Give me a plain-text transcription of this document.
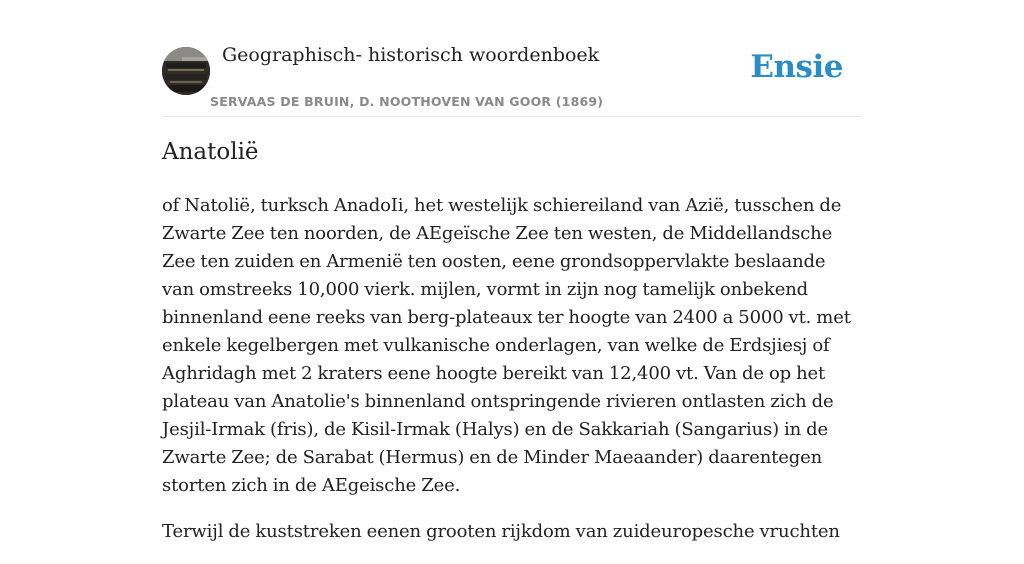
Geographisch- historisch woordenboek
SERVAAS DE BRUIN, D. NOOTHOVEN VAN GOOR (1869)
Ensie
Anatolië

of Natolië, turksch AnadoIi, het westelijk schiereiland van Azië, tusschen de Zwarte Zee ten noorden, de AEgeïsche Zee ten westen, de Middellandsche Zee ten zuiden en Armenië ten oosten, eene grondsoppervlakte beslaande van omstreeks 10,000 vierk. mijlen, vormt in zijn nog tamelijk onbekend binnenland eene reeks van berg-plateaux ter hoogte van 2400 a 5000 vt. met enkele kegelbergen met vulkanische onderlagen, van welke de Erdsjiesj of Aghridagh met 2 kraters eene hoogte bereikt van 12,400 vt. Van de op het plateau van Anatolie's binnenland ontspringende rivieren ontlasten zich de Jesjil-Irmak (fris), de Kisil-Irmak (Halys) en de Sakkariah (Sangarius) in de Zwarte Zee; de Sarabat (Hermus) en de Minder Maeaander) daarentegen storten zich in de AEgeische Zee.

Terwijl de kuststreken eenen grooten rijkdom van zuideuropesche vruchten
